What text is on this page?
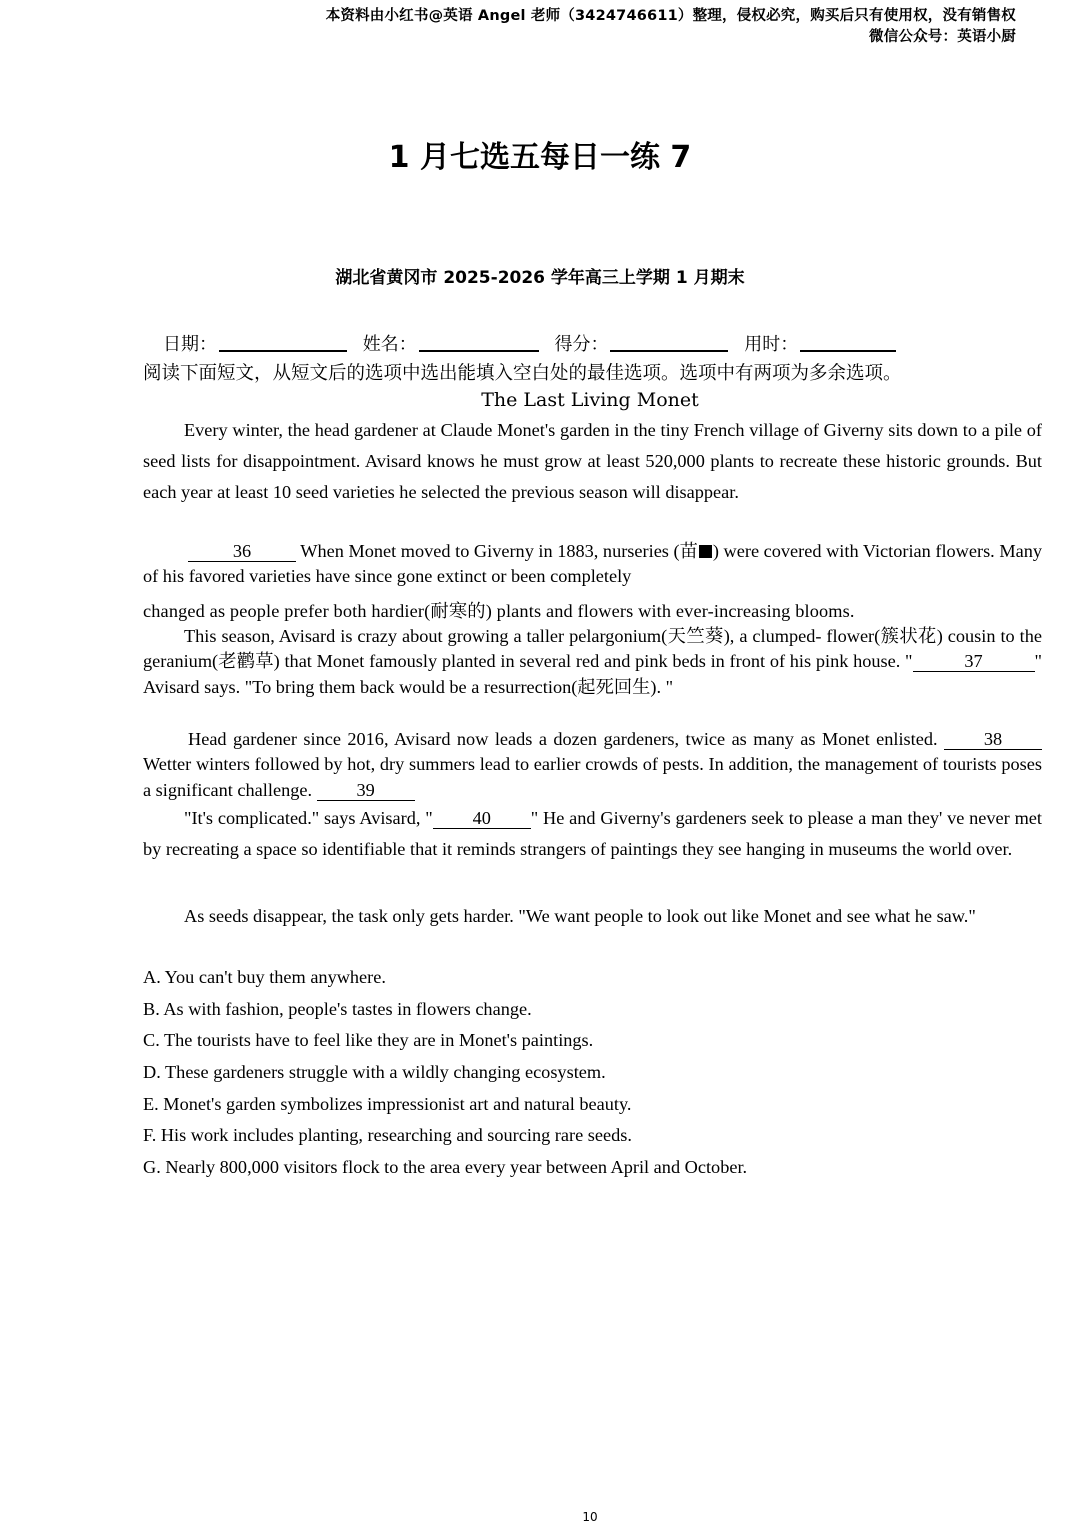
本资料由小红书@英语 Angel 老师（3424746611）整理，侵权必究，购买后只有使用权，没有销售权
微信公众号：英语小厨
1 月七选五每日一练 7
湖北省黄冈市 2025-2026 学年高三上学期 1 月期末
日期：	姓名：	得分：	用时：
阅读下面短文，从短文后的选项中选出能填入空白处的最佳选项。选项中有两项为多余选项。
The Last Living Monet

Every winter, the head gardener at Claude Monet's garden in the tiny French village of Giverny sits down to a pile of seed lists for disappointment. Avisard knows he must grow at least 520,000 plants to recreate these historic grounds. But each year at least 10 seed varieties he selected the previous season will disappear.

36 When Monet moved to Giverny in 1883, nurseries (苗 ) were covered with Victorian flowers. Many of his favored varieties have since gone extinct or been completely

changed as people prefer both hardier(耐寒的) plants and flowers with ever-increasing blooms.

This season, Avisard is crazy about growing a taller pelargonium(天竺葵), a clumped- flower(簇状花) cousin to the geranium(老鹳草) that Monet famously planted in several red and pink beds in front of his pink house. "	37	" Avisard says. "To bring them back would be a resurrection(起死回生). "

Head gardener since 2016, Avisard now leads a dozen gardeners, twice as many as Monet enlisted. 38 Wetter winters followed by hot, dry summers lead to earlier crowds of pests. In addition, the management of tourists poses a significant challenge. 39

"It's complicated." says Avisard, " 40 " He and Giverny's gardeners seek to please a man they' ve never met by recreating a space so identifiable that it reminds strangers of paintings they see hanging in museums the world over.

As seeds disappear, the task only gets harder. "We want people to look out like Monet and see what he saw."

A. You can't buy them anywhere.
B. As with fashion, people's tastes in flowers change.
C. The tourists have to feel like they are in Monet's paintings.
D. These gardeners struggle with a wildly changing ecosystem.
E. Monet's garden symbolizes impressionist art and natural beauty.
F. His work includes planting, researching and sourcing rare seeds.
G. Nearly 800,000 visitors flock to the area every year between April and October.
10
